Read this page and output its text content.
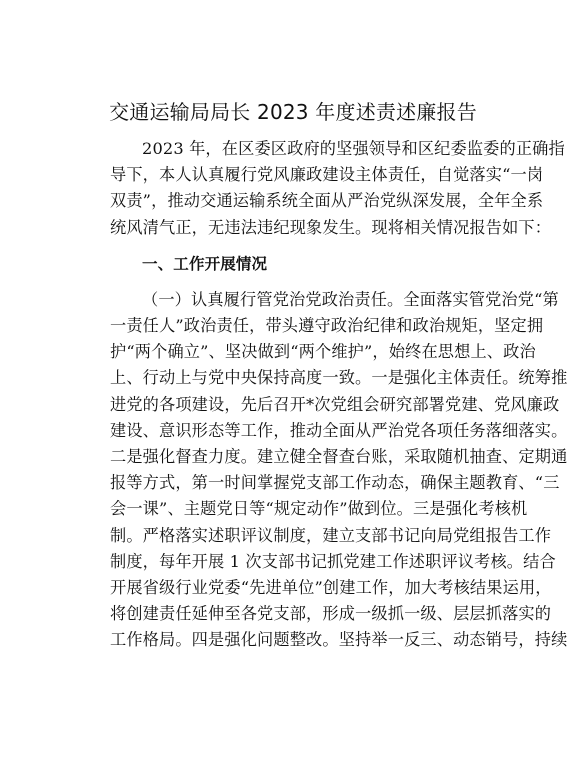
交通运输局局长 2023 年度述责述廉报告
2023 年，在区委区政府的坚强领导和区纪委监委的正确指
导下，本人认真履行党风廉政建设主体责任，自觉落实“一岗
双责”，推动交通运输系统全面从严治党纵深发展，全年全系
统风清气正，无违法违纪现象发生。现将相关情况报告如下：
一、工作开展情况
（一）认真履行管党治党政治责任。全面落实管党治党“第
一责任人”政治责任，带头遵守政治纪律和政治规矩，坚定拥
护“两个确立”、坚决做到“两个维护”，始终在思想上、政治
上、行动上与党中央保持高度一致。一是强化主体责任。统筹推
进党的各项建设，先后召开*次党组会研究部署党建、党风廉政
建设、意识形态等工作，推动全面从严治党各项任务落细落实。
二是强化督查力度。建立健全督查台账，采取随机抽查、定期通
报等方式，第一时间掌握党支部工作动态，确保主题教育、“三
会一课”、主题党日等“规定动作”做到位。三是强化考核机
制。严格落实述职评议制度，建立支部书记向局党组报告工作
制度，每年开展 1 次支部书记抓党建工作述职评议考核。结合
开展省级行业党委“先进单位”创建工作，加大考核结果运用，
将创建责任延伸至各党支部，形成一级抓一级、层层抓落实的
工作格局。四是强化问题整改。坚持举一反三、动态销号，持续
